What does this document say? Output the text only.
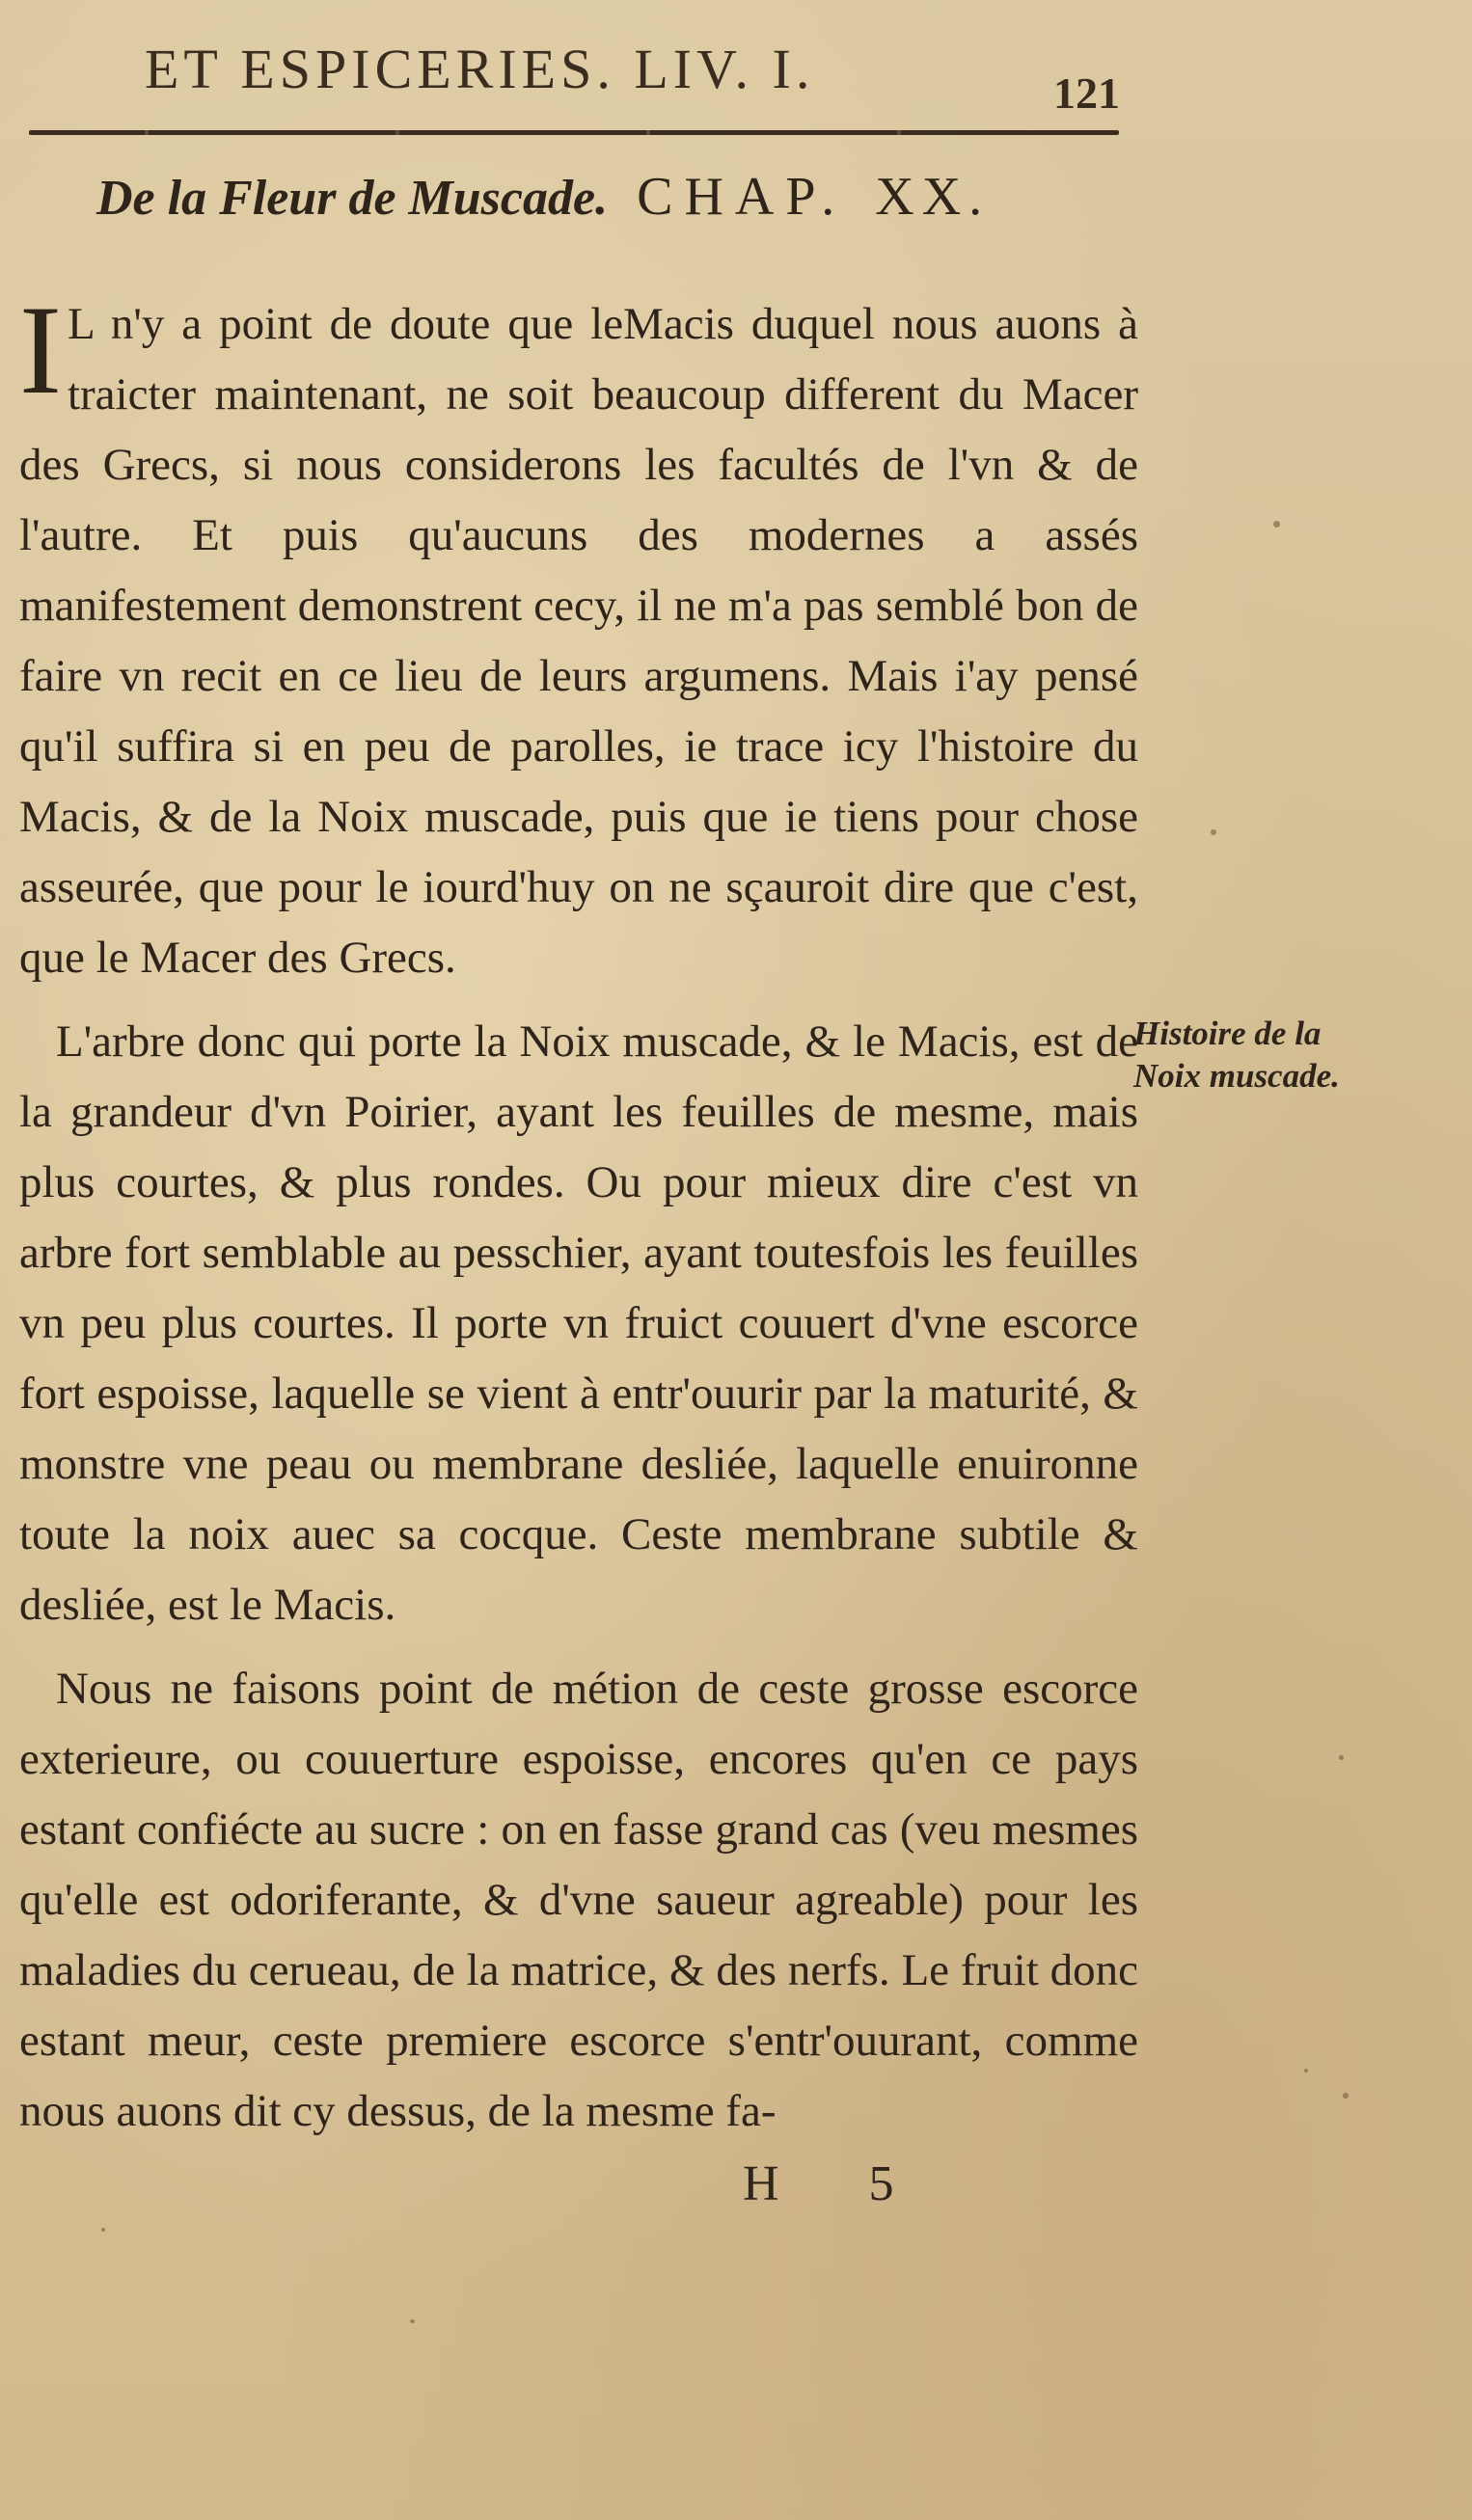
ET ESPICERIES. LIV. I.	121
De la Fleur de Muscade. CHAP. XX.

IL n'y a point de doute que leMacis duquel nous auons à traicter maintenant, ne soit beaucoup different du Macer des Grecs, si nous considerons les facultés de l'vn & de l'autre. Et puis qu'aucuns des modernes a assés manifestement demonstrent cecy, il ne m'a pas semblé bon de faire vn recit en ce lieu de leurs argumens. Mais i'ay pensé qu'il suffira si en peu de parolles, ie trace icy l'histoire du Macis, & de la Noix muscade, puis que ie tiens pour chose asseurée, que pour le iourd'huy on ne sçauroit dire que c'est, que le Macer des Grecs.

L'arbre donc qui porte la Noix muscade, & le Macis, est de la grandeur d'vn Poirier, ayant les feuilles de mesme, mais plus courtes, & plus rondes. Ou pour mieux dire c'est vn arbre fort semblable au pesschier, ayant toutesfois les feuilles vn peu plus courtes. Il porte vn fruict couuert d'vne escorce fort espoisse, laquelle se vient à entr'ouurir par la maturité, & monstre vne peau ou membrane desliée, laquelle enuironne toute la noix auec sa cocque. Ceste membrane subtile & desliée, est le Macis.

Nous ne faisons point de métion de ceste grosse escorce exterieure, ou couuerture espoisse, encores qu'en ce pays estant confiécte au sucre : on en fasse grand cas (veu mesmes qu'elle est odoriferante, & d'vne saueur agreable) pour les maladies du cerueau, de la matrice, & des nerfs. Le fruit donc estant meur, ceste premiere escorce s'entr'ouurant, comme nous auons dit cy dessus, de la mesme fa-

Histoire de la Noix muscade.
H 5
